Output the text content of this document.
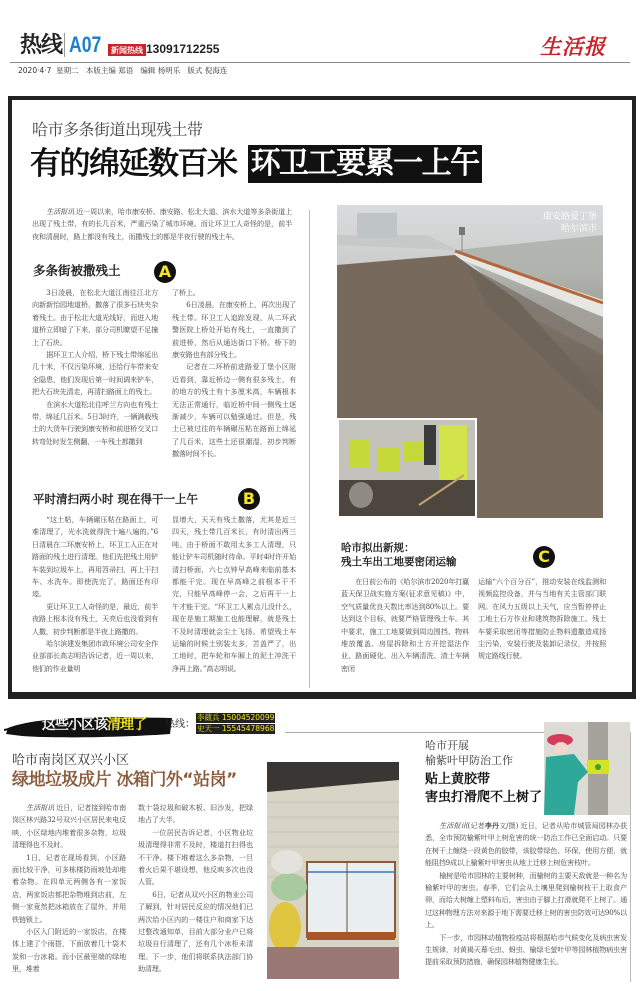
热线 A07	新闻热线 13091712255	生活报
2020·4·7  星期二   本版主编 郑语   编辑 杨明乐   版式 倪海连
哈市多条街道出现残土带
有的绵延数百米 环卫工要累一上午

生活报讯 近一周以来，哈市康安桥、康安路、松北大道、滨水大道等多条街道上出现了残土带，有的长几百米，严重污染了城市环境。而让环卫工人奇怪的是，前半夜和清晨时，路上都没有残土，而撒残土的都是半夜行驶的残土车。

多条街被撒残土 A

3日凌晨，在松北大道江南往江北方向新新怡园地道桥，撒落了很多石块夹杂着残土。由于松北大道光线好，而进入地道桥立即暗了下来，部分司机瞭望不足撞上了石块。

据环卫工人介绍，桥下残土带绵延出几十米，不仅污染环境，还给行车带来安全隐患，他们发现后第一时间调来铲车，把大石块先清走，再清扫路面上的残土。

在滨水大道松北往呼兰方向也有残土带，绵延几百米。5日3时许，一辆满载残土的大货车行驶到康安桥和前进桥交叉口转弯处时发生侧翻，一车残土都撒到

了桥上。

6日凌晨，在康安桥上，再次出现了残土带。环卫工人追踪发现，从二环武警医院上桥处开始有残土，一直撒到了前进桥，然后从通达街口下桥。桥下的康安路也有部分残土。

记者在二环桥前进路爱丁堡小区附近看到，靠近桥边一侧有很多残土，有的地方的残土有十多厘米高，车辆根本无法正常通行，临近桥中间一侧残土逐渐减少，车辆可以勉强通过。但是，残土已被过往的车辆碾压粘在路面上绵延了几百米，这些土还很潮湿，初步判断撒落时间不长。

平时清扫两小时 现在得干一上午	B

“这土粘，车辆碾压粘在路面上，可难清理了，光水洗就得洗十遍八遍的。”6日清晨在二环康安桥上，环卫工人正在对路面的残土进行清理。他们先把残土用铲车装到垃圾车上，再用笤帚扫，再上干扫车、水洗车。即使洗完了，路面还有印迹。

更让环卫工人奇怪的是，最近，前半夜路上根本没有残土，天亮后也没看到有人撒，初步判断都是半夜上路撒的。

哈尔滨建发集团市政环境公司安全作业部部长高志明告诉记者，近一周以来，他们的作业量明

显增大，天天有残土撒落，尤其是近三四天，残土带几百米长，有时清出两三吨。由于桥面不敢用太多工人清理，只能让铲车司机随时待命。平时4时许开始清扫桥面，六七点钟早高峰来临前基本都能干完。现在早高峰之前根本干不完，只能早高峰停一会，之后再干一上午才能干完。“环卫工人累点儿没什么，现在是施工期施工也能理解，就是残土不及时清理就会尘土飞扬。希望残土车运输的时候土别装太多，苫盖严了，出工地时，把车轮和车厢上的泥土冲洗干净再上路。”高志明说。
康安路爱丁堡
哈尔滨市
哈市拟出新规：
残土车出工地要密闭运输	C

在日前公布的《哈尔滨市2020年打赢蓝天保卫战实施方案(征求意见稿)》中，空气质量优良天数比率达到80%以上。要达到这个目标，就要严格管理残土车。其中要求，施工工地要做到周边围挡、物料堆放覆盖、房屋拆除和土方开挖湿法作业、路面硬化、出入车辆清洗、渣土车辆密闭

运输“六个百分百”，推动安装在线监测和视频监控设备，并与当地有关主管部门联网。在风力五级以上天气，应当暂停停止工地土石方作业和建筑物拆除施工。残土车要采取密闭等措施防止物料遗撒造成扬尘污染，安装行驶及装卸记录仪，并按照规定路线行驶。
这些小区该清理了 热线：
李葳兵 15004520099
史天一 15545478968
哈市南岗区双兴小区
绿地垃圾成片 冰箱门外“站岗”

生活报讯 近日，记者接到哈市南岗区林兴路32号双兴小区居民来电反映，小区绿地内堆着很多杂物，垃圾清理得也不及时。

1日，记者在现场看到，小区路面比较干净，可多栋楼防雨坡处却堆着杂物。在四单元两侧各有一家饭店，两家饭店都把杂物堆到店前，左侧一家竟然把冰箱放在了屋外，并用铁链锁上。

小区入门附近的一家饭店，在楼体上建了个雨搭，下面放着几十袋木炭和一台冰箱。而小区最里端的绿地里，堆着

数十袋垃圾和破木板、旧沙发，把绿地占了大半。

一位居民告诉记者，小区物业垃圾清理得非常不及时，楼道打扫得也不干净。楼下堆着这么多杂物，一旦着火后果不堪设想，他反映多次也没人管。

6日，记者从双兴小区的物业公司了解到，针对居民反应的情况他们已两次给小区内的一楼住户和商家下达过整改通知单，目前大部分业户已将垃圾自行清理了，还有几个冰柜未清理。下一步，他们将联系执法部门协助清理。

哈市开展
榆紫叶甲防治工作
贴上黄胶带
害虫打滑爬不上树了

生活报讯(记者李丹文/摄) 近日，记者从哈市城管局园林办获悉，全市预防榆紫叶甲上树危害的统一防治工作已全面启动。只要在树干上缠绕一段黄色的胶带，该胶带绿色、环保，使用方便，就能阻挡9成以上榆紫叶甲害虫从地上迁移上树危害枝叶。

榆树是哈市园林的主要树种，而榆树的主要天敌就是一种名为榆紫叶甲的害虫。春季，它们会从土壤里爬到榆树枝干上取食产卵，而给大树缠上塑料布后，害虫由于脚上打滑就爬不上树了。通过这种物理方法对来源于地下需要迁移上树的害虫防效可达90%以上。

下一步，市园林动植物检疫站将根据哈市气候变化及病虫害发生规律，对黄褐天幕毛虫、蚜虫、榆绿毛萤叶甲等园林植物病虫害提前采取预防措施，确保园林植物健康生长。
